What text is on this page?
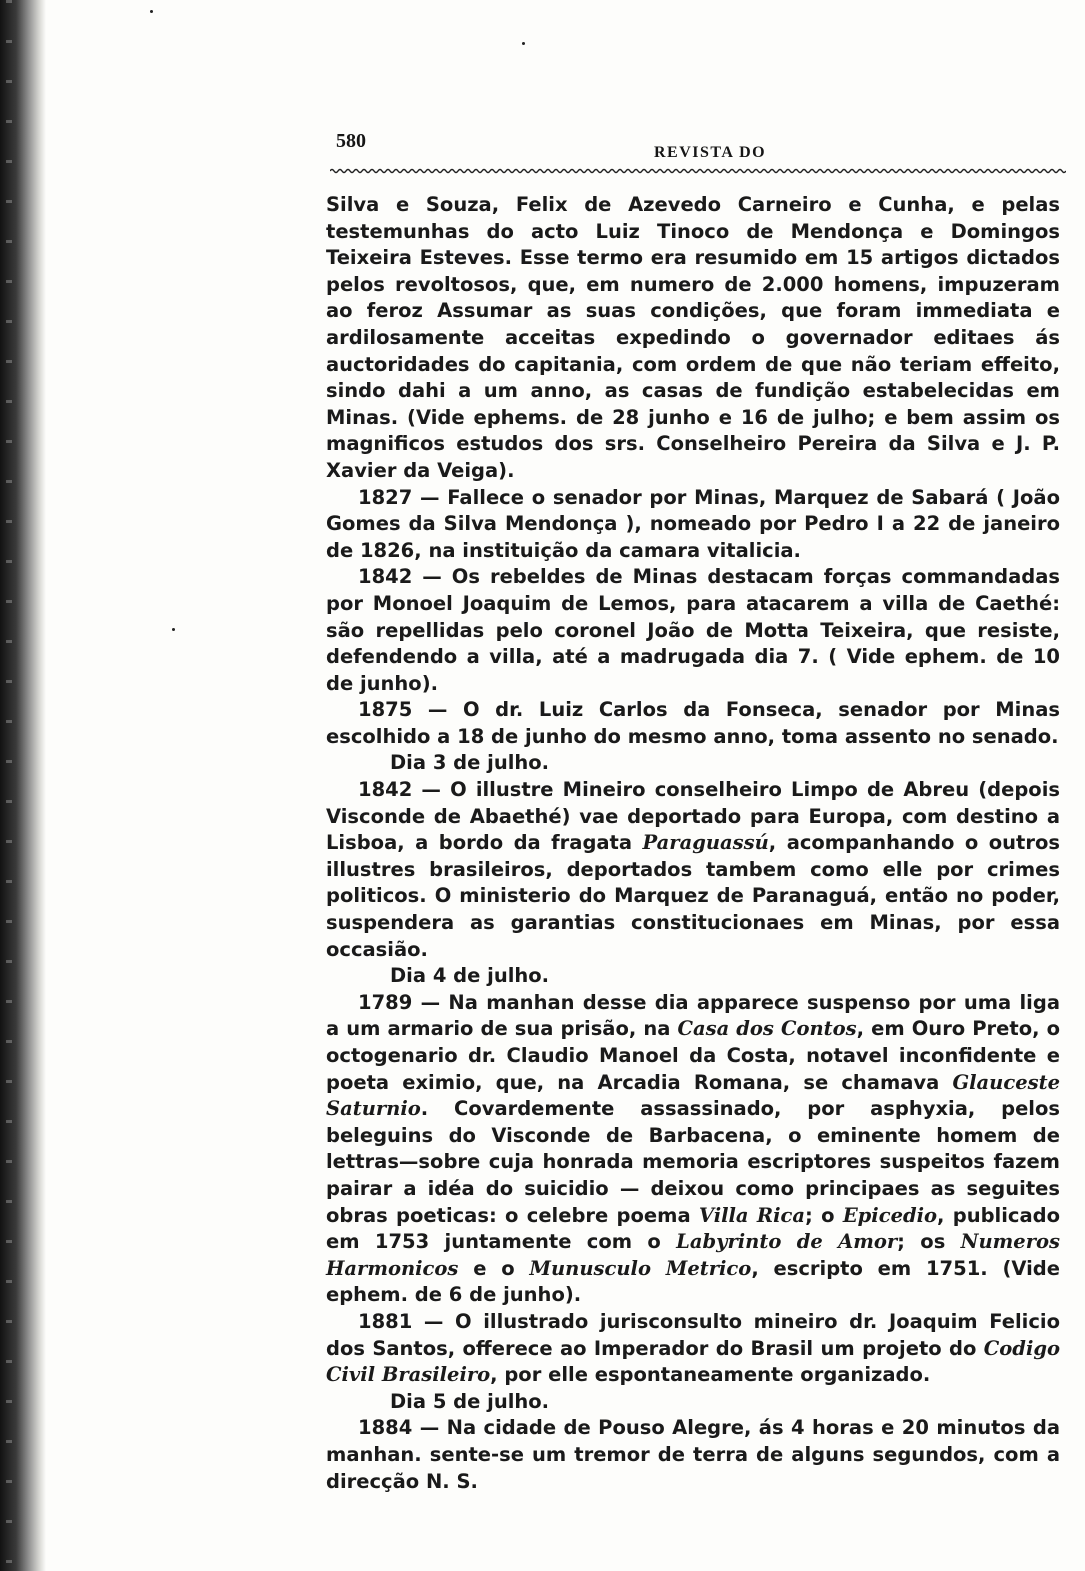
580
REVISTA DO

Silva e Souza, Felix de Azevedo Carneiro e Cunha, e pelas testemunhas do acto Luiz Tinoco de Mendonça e Domingos Teixeira Esteves. Esse termo era resumido em 15 artigos dictados pelos revoltosos, que, em numero de 2.000 homens, impuzeram ao feroz Assumar as suas condições, que foram immediata e ardilosamente acceitas expedindo o governador editaes ás auctoridades do capitania, com ordem de que não teriam effeito, sindo dahi a um anno, as casas de fundição estabelecidas em Minas. (Vide ephems. de 28 junho e 16 de julho; e bem assim os magnificos estudos dos srs. Conselheiro Pereira da Silva e J. P. Xavier da Veiga).

1827 — Fallece o senador por Minas, Marquez de Sabará ( João Gomes da Silva Mendonça ), nomeado por Pedro I a 22 de janeiro de 1826, na instituição da camara vitalicia.

1842 — Os rebeldes de Minas destacam forças commandadas por Monoel Joaquim de Lemos, para atacarem a villa de Caethé: são repellidas pelo coronel João de Motta Teixeira, que resiste, defendendo a villa, até a madrugada dia 7. ( Vide ephem. de 10 de junho).

1875 — O dr. Luiz Carlos da Fonseca, senador por Minas escolhido a 18 de junho do mesmo anno, toma assento no senado.

Dia 3 de julho.

1842 — O illustre Mineiro conselheiro Limpo de Abreu (depois Visconde de Abaethé) vae deportado para Europa, com destino a Lisboa, a bordo da fragata Paraguassú, acompanhando o outros illustres brasileiros, deportados tambem como elle por crimes politicos. O ministerio do Marquez de Paranaguá, então no poder, suspendera as garantias constitucionaes em Minas, por essa occasião.

Dia 4 de julho.

1789 — Na manhan desse dia apparece suspenso por uma liga a um armario de sua prisão, na Casa dos Contos, em Ouro Preto, o octogenario dr. Claudio Manoel da Costa, notavel inconfidente e poeta eximio, que, na Arcadia Romana, se chamava Glauceste Saturnio. Covardemente assassinado, por asphyxia, pelos beleguins do Visconde de Barbacena, o eminente homem de lettras—sobre cuja honrada memoria escriptores suspeitos fazem pairar a idéa do suicidio — deixou como principaes as seguites obras poeticas: o celebre poema Villa Rica; o Epicedio, publicado em 1753 juntamente com o Labyrinto de Amor; os Numeros Harmonicos e o Munusculo Metrico, escripto em 1751. (Vide ephem. de 6 de junho).

1881 — O illustrado jurisconsulto mineiro dr. Joaquim Felicio dos Santos, offerece ao Imperador do Brasil um projeto do Codigo Civil Brasileiro, por elle espontaneamente organizado.

Dia 5 de julho.

1884 — Na cidade de Pouso Alegre, ás 4 horas e 20 minutos da manhan. sente-se um tremor de terra de alguns segundos, com a direcção N. S.
